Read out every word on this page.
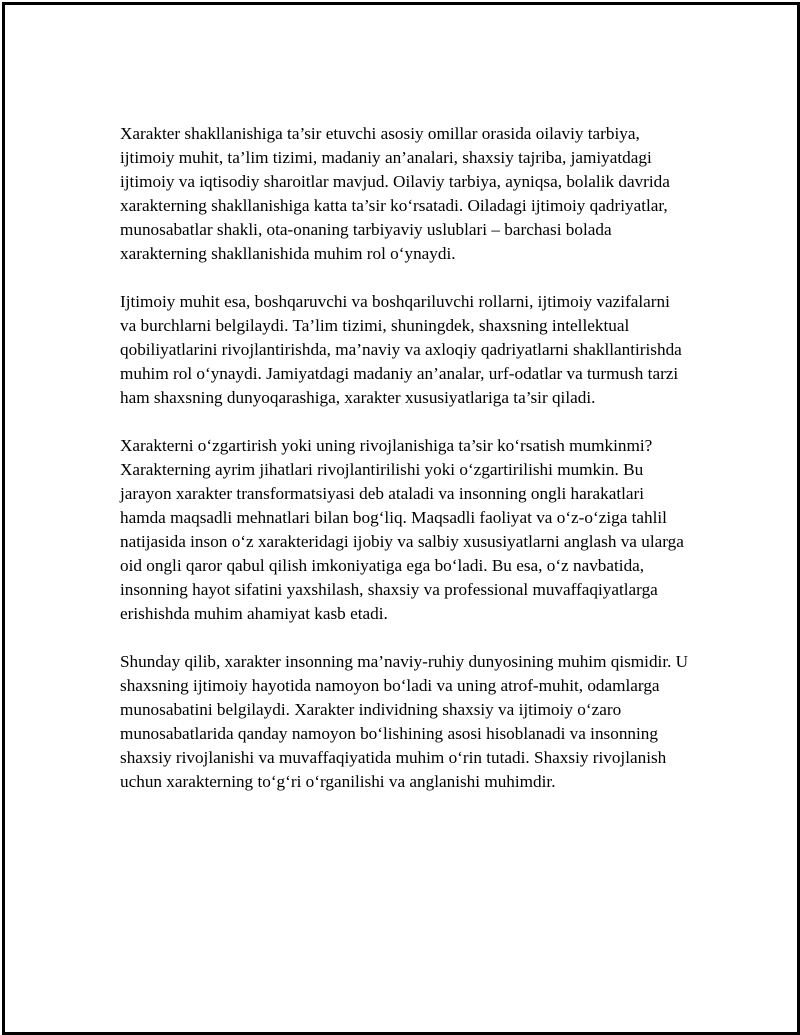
Xarakter shakllanishiga ta’sir etuvchi asosiy omillar orasida oilaviy tarbiya, ijtimoiy muhit, ta’lim tizimi, madaniy an’analari, shaxsiy tajriba, jamiyatdagi ijtimoiy va iqtisodiy sharoitlar mavjud. Oilaviy tarbiya, ayniqsa, bolalik davrida xarakterning shakllanishiga katta ta’sir ko‘rsatadi. Oiladagi ijtimoiy qadriyatlar, munosabatlar shakli, ota-onaning tarbiyaviy uslublari – barchasi bolada xarakterning shakllanishida muhim rol o‘ynaydi.

Ijtimoiy muhit esa, boshqaruvchi va boshqariluvchi rollarni, ijtimoiy vazifalarni va burchlarni belgilaydi. Ta’lim tizimi, shuningdek, shaxsning intellektual qobiliyatlarini rivojlantirishda, ma’naviy va axloqiy qadriyatlarni shakllantirishda muhim rol o‘ynaydi. Jamiyatdagi madaniy an’analar, urf-odatlar va turmush tarzi ham shaxsning dunyoqarashiga, xarakter xususiyatlariga ta’sir qiladi.

Xarakterni o‘zgartirish yoki uning rivojlanishiga ta’sir ko‘rsatish mumkinmi? Xarakterning ayrim jihatlari rivojlantirilishi yoki o‘zgartirilishi mumkin. Bu jarayon xarakter transformatsiyasi deb ataladi va insonning ongli harakatlari hamda maqsadli mehnatlari bilan bog‘liq. Maqsadli faoliyat va o‘z-o‘ziga tahlil natijasida inson o‘z xarakteridagi ijobiy va salbiy xususiyatlarni anglash va ularga oid ongli qaror qabul qilish imkoniyatiga ega bo‘ladi. Bu esa, o‘z navbatida, insonning hayot sifatini yaxshilash, shaxsiy va professional muvaffaqiyatlarga erishishda muhim ahamiyat kasb etadi.

Shunday qilib, xarakter insonning ma’naviy-ruhiy dunyosining muhim qismidir. U shaxsning ijtimoiy hayotida namoyon bo‘ladi va uning atrof-muhit, odamlarga munosabatini belgilaydi. Xarakter individning shaxsiy va ijtimoiy o‘zaro munosabatlarida qanday namoyon bo‘lishining asosi hisoblanadi va insonning shaxsiy rivojlanishi va muvaffaqiyatida muhim o‘rin tutadi. Shaxsiy rivojlanish uchun xarakterning to‘g‘ri o‘rganilishi va anglanishi muhimdir.
